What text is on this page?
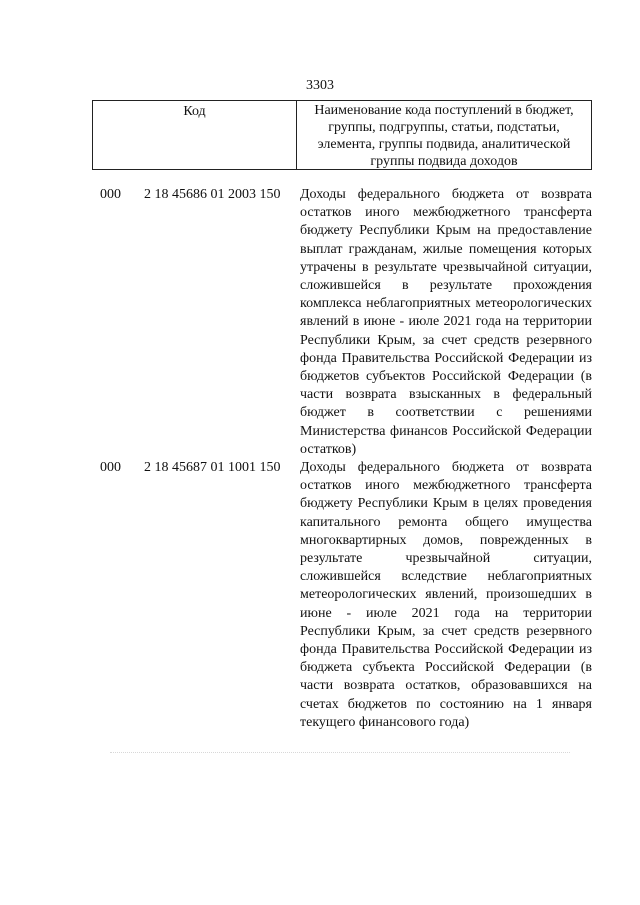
3303
Код	Наименование кода поступлений в бюджет, группы, подгруппы, статьи, подстатьи, элемента, группы подвида, аналитической группы подвида доходов
000	2 18 45686 01 2003 150	Доходы федерального бюджета от возврата остатков иного межбюджетного трансферта бюджету Республики Крым на предоставление выплат гражданам, жилые помещения которых утрачены в результате чрезвычайной ситуации, сложившейся в результате прохождения комплекса неблагоприятных метеорологических явлений в июне - июле 2021 года на территории Республики Крым, за счет средств резервного фонда Правительства Российской Федерации из бюджетов субъектов Российской Федерации (в части возврата взысканных в федеральный бюджет в соответствии с решениями Министерства финансов Российской Федерации остатков)
000	2 18 45687 01 1001 150	Доходы федерального бюджета от возврата остатков иного межбюджетного трансферта бюджету Республики Крым в целях проведения капитального ремонта общего имущества многоквартирных домов, поврежденных в результате чрезвычайной ситуации, сложившейся вследствие неблагоприятных метеорологических явлений, произошедших в июне - июле 2021 года на территории Республики Крым, за счет средств резервного фонда Правительства Российской Федерации из бюджета субъекта Российской Федерации (в части возврата остатков, образовавшихся на счетах бюджетов по состоянию на 1 января текущего финансового года)
